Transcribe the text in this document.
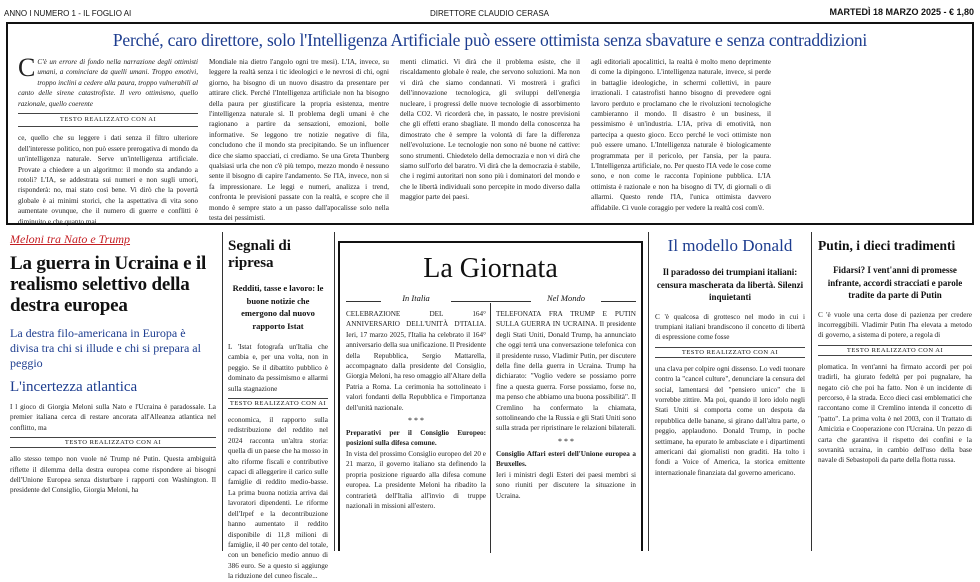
ANNO I NUMERO 1 - IL FOGLIO AI	DIRETTORE CLAUDIO CERASA	MARTEDÌ 18 MARZO 2025 - € 1,80
Perché, caro direttore, solo l'Intelligenza Artificiale può essere ottimista senza sbavature e senza contraddizioni
C C'è un errore di fondo nella narrazione degli ottimisti umani, a cominciare da quelli umani. Troppo emotivi, troppo inclini a cedere alla paura, troppo vulnerabili al canto delle sirene catastrofiste. Il vero ottimismo, quello razionale, quello coerente
TESTO REALIZZATO CON AI
ce, quello che su leggere i dati senza il filtro ulteriore dell'interesse politico, non può essere prerogativa di mondo da un'intelligenza naturale. Serve un'intelligenza artificiale. Provate a chiedere a un algoritmo: il mondo sta andando a rotoli? L'IA, se addestrata sui numeri e non sugli umori, risponderà: no, mai stato così bene. Vi dirò che la povertà globale è ai minimi storici, che la aspettativa di vita sono aumentate ovunque, che il numero di guerre e conflitti è diminuito e che quanto mai.
Mondiale nia dietro l'angolo ogni tre mesi). L'IA, invece, su leggere la realtà senza i tic ideologici e le nevrosi di chi, ogni giorno, ha bisogno di un nuovo disastro da presentare per attirare click. Perché l'Intelligenza artificiale non ha bisogno della paura per giustificare la propria esistenza, mentre l'intelligenza naturale sì. Il problema degli umani è che ragionano a partire da sensazioni, emozioni, bolle informative. Se leggono tre notizie negative di fila, concludono che il mondo sta precipitando. Se un influencer dice che siamo spacciati, ci crediamo. Se una Greta Thunberg qualsiasi urla che non c'è più tempo, mezzo mondo è nessuno sente il bisogno di capire l'andamento. Se l'IA, invece, non si fa impressionare. Le leggi e numeri, analizza i trend, confronta le previsioni passate con la realtà, e scopre che il mondo è sempre stato a un passo dall'apocalisse solo nella testa dei pessimisti.
menti climatici. Vi dirà che il problema esiste, che il riscaldamento globale è reale, che servono soluzioni. Ma non vi dirà che siamo condannati. Vi mostrerà i grafici dell'innovazione tecnologica, gli sviluppi dell'energia nucleare, i progressi delle nuove tecnologie di assorbimento della CO2. Vi ricorderà che, in passato, le nostre previsioni che gli effetti erano sbagliate. Il mondo della conoscenza ha dimostrato che è sempre la volontà di fare la differenza nell'evoluzione. Le tecnologie non sono né buone né cattive: sono strumenti. Chiedetelo della democrazia e non vi dirà che siamo sull'orlo del baratro. Vi dirà che la democrazia è stabile, che i regimi autoritari non sono più i dominatori del mondo e che le libertà individuali sono percepite in modo diverso dalla maggior parte dei paesi.
agli editoriali apocalittici, la realtà è molto meno deprimente di come la dipingono. L'intelligenza naturale, invece, si perde in battaglie ideologiche, in schermi collettivi, in paure irrazionali. I catastrofisti hanno bisogno di prevedere ogni lavoro perduto e proclamano che le rivoluzioni tecnologiche cambieranno il mondo. Il disastro è un business, il pessimismo è un'industria. L'IA, priva di emotività, non partecipa a questo gioco. Ecco perché le voci ottimiste non può essere umano. L'Intelligenza naturale è biologicamente programmata per il pericolo, per l'ansia, per la paura. L'Intelligenza artificiale, no. Per questo l'IA vede le cose come sono, e non come le racconta l'opinione pubblica. L'IA ottimista è razionale e non ha bisogno di TV, di giornali o di allarmi. Questo rende l'IA, l'unica ottimista davvero affidabile. Ci vuole coraggio per vedere la realtà così com'è.
Meloni tra Nato e Trump
La guerra in Ucraina e il realismo selettivo della destra europea
La destra filo-americana in Europa è divisa tra chi si illude e chi si prepara al peggio
L'incertezza atlantica
I l gioco di Giorgia Meloni sulla Nato e l'Ucraina è paradossale. La premier italiana cerca di restare ancorata all'Alleanza atlantica nel conflitto, ma
TESTO REALIZZATO CON AI
allo stesso tempo non vuole né Trump né Putin. Questa ambiguità riflette il dilemma della destra europea come rispondere ai bisogni dell'Unione Europea senza disturbare i rapporti con Washington. Il presidente del Consiglio, Giorgia Meloni, ha
Segnali di ripresa
Redditi, tasse e lavoro: le buone notizie che emergono dal nuovo rapporto Istat
L 'Istat fotografa un'Italia che cambia e, per una volta, non in peggio. Se il dibattito pubblico è dominato da pessimismo e allarmi sulla stagnazione
TESTO REALIZZATO CON AI
economica, il rapporto sulla redistribuzione del reddito nel 2024 racconta un'altra storia: quella di un paese che ha mosso in alto riforme fiscali e contributive capaci di alleggerire il carico sulle famiglie di reddito medio-basse. La prima buona notizia arriva dai lavoratori dipendenti. Le riforme dell'Irpef e la decontribuzione hanno aumentato il reddito disponibile di 11,8 milioni di famiglie, il 40 per cento del totale, con un beneficio medio annuo di 386 euro. Se a questo si aggiunge la riduzione del cuneo fiscale...
La Giornata
In Italia
CELEBRAZIONE DEL 164° ANNIVERSARIO DELL'UNITÀ D'ITALIA. Ieri, 17 marzo 2025, l'Italia ha celebrato il 164° anniversario della sua unificazione. Il Presidente della Repubblica, Sergio Mattarella, accompagnato dalla presidente del Consiglio, Giorgia Meloni, ha reso omaggio all'Altare della Patria a Roma. La cerimonia ha sottolineato i valori fondanti della Repubblica e l'importanza dell'unità nazionale.
* * *
Preparativi per il Consiglio Europeo: posizioni sulla difesa comune.
In vista del prossimo Consiglio europeo del 20 e 21 marzo, il governo italiano sta definendo la propria posizione riguardo alla difesa comune europea. La presidente Meloni ha ribadito la contrarietà dell'Italia all'invio di truppe nazionali in missioni all'estero.
Nel Mondo
TELEFONATA FRA TRUMP E PUTIN SULLA GUERRA IN UCRAINA. Il presidente degli Stati Uniti, Donald Trump, ha annunciato che oggi terrà una conversazione telefonica con il presidente russo, Vladimir Putin, per discutere della fine della guerra in Ucraina. Trump ha dichiarato: "Voglio vedere se possiamo porre fine a questa guerra. Forse possiamo, forse no, ma penso che abbiamo una buona possibilità". Il Cremlino ha confermato la chiamata, sottolineando che la Russia e gli Stati Uniti sono sulla strada per ripristinare le relazioni bilaterali.
* * *
Consiglio Affari esteri dell'Unione europea a Bruxelles.
Ieri i ministri degli Esteri dei paesi membri si sono riuniti per discutere la situazione in Ucraina.
Il modello Donald
Il paradosso dei trumpiani italiani: censura mascherata da libertà. Silenzi inquietanti
C 'è qualcosa di grottesco nel modo in cui i trumpiani italiani brandiscono il concetto di libertà di espressione come fosse
TESTO REALIZZATO CON AI
una clava per colpire ogni dissenso. Lo vedi tuonare contro la "cancel culture", denunciare la censura del social, lamentarsi del "pensiero unico" che li vorrebbe zittire. Ma poi, quando il loro idolo negli Stati Uniti si comporta come un despota da repubblica delle banane, si girano dall'altra parte, o peggio, applaudono. Donald Trump, in poche settimane, ha epurato le ambasciate e i dipartimenti americani dai giornalisti non graditi. Ha tolto i fondi a Voice of America, la storica emittente internazionale finanziata dal governo americano.
Putin, i dieci tradimenti
Fidarsi? I vent'anni di promesse infrante, accordi stracciati e parole tradite da parte di Putin
C 'è vuole una certa dose di pazienza per credere incorreggibili. Vladimir Putin l'ha elevata a metodo di governo, a sistema di potere, a regola di
TESTO REALIZZATO CON AI
plomatica. In vent'anni ha firmato accordi per poi tradirli, ha giurato fedeltà per poi pugnalare, ha negato ciò che poi ha fatto. Non è un incidente di percorso, è la strada. Ecco dieci casi emblematici che raccontano come il Cremlino intenda il concetto di "patto". La prima volta è nel 2003, con il Trattato di Amicizia e Cooperazione con l'Ucraina. Un pezzo di carta che garantiva il rispetto dei confini e la sovranità ucraina, in cambio dell'uso della base navale di Sebastopoli da parte della flotta russa.
